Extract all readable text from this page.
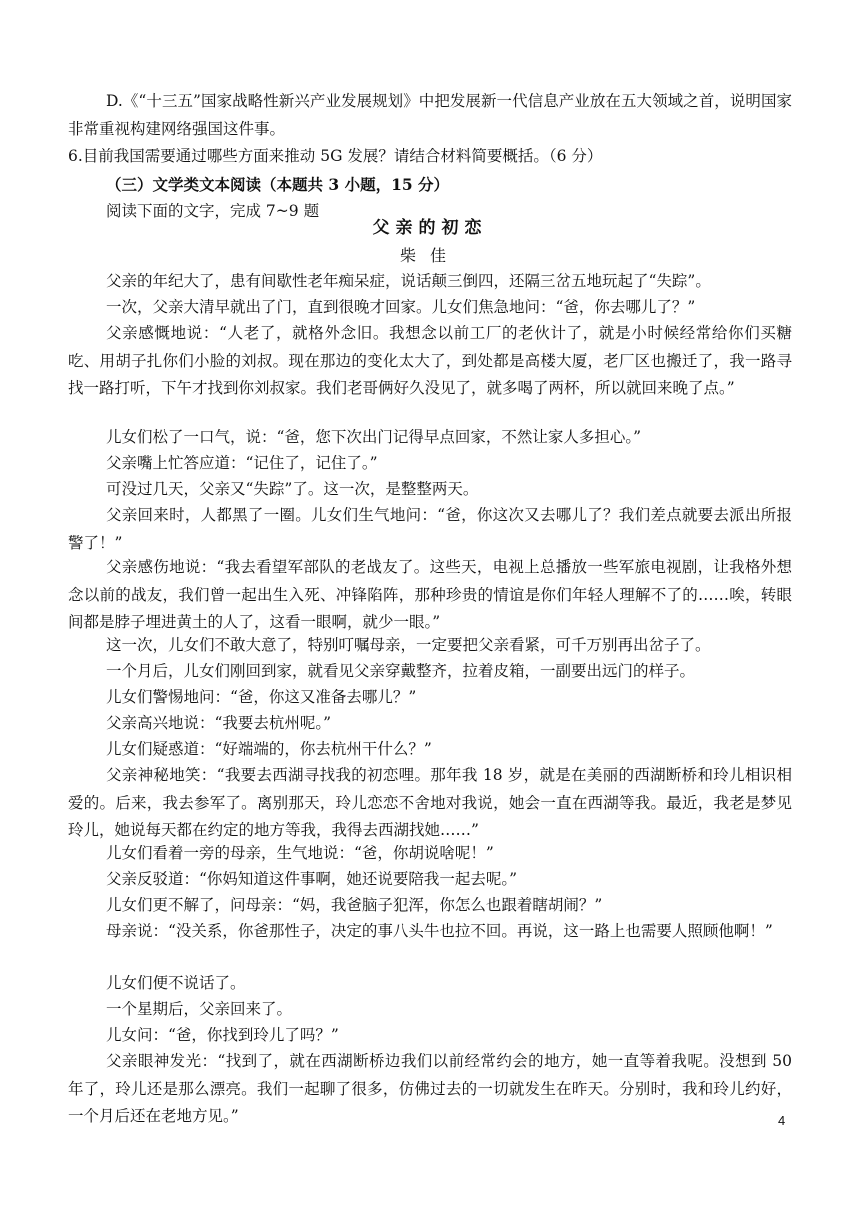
D.《“十三五”国家战略性新兴产业发展规划》中把发展新一代信息产业放在五大领域之首，说明国家非常重视构建网络强国这件事。

6.目前我国需要通过哪些方面来推动 5G 发展？请结合材料简要概括。（6 分）

（三）文学类文本阅读（本题共 3 小题，15 分）

阅读下面的文字，完成 7~9 题

父亲的初恋

柴佳

父亲的年纪大了，患有间歇性老年痴呆症，说话颠三倒四，还隔三岔五地玩起了“失踪”。

一次，父亲大清早就出了门，直到很晚才回家。儿女们焦急地问：“爸，你去哪儿了？”

父亲感慨地说：“人老了，就格外念旧。我想念以前工厂的老伙计了，就是小时候经常给你们买糖吃、用胡子扎你们小脸的刘叔。现在那边的变化太大了，到处都是高楼大厦，老厂区也搬迁了，我一路寻找一路打听，下午才找到你刘叔家。我们老哥俩好久没见了，就多喝了两杯，所以就回来晚了点。”

儿女们松了一口气，说：“爸，您下次出门记得早点回家，不然让家人多担心。”

父亲嘴上忙答应道：“记住了，记住了。”

可没过几天，父亲又“失踪”了。这一次，是整整两天。

父亲回来时，人都黑了一圈。儿女们生气地问：“爸，你这次又去哪儿了？我们差点就要去派出所报警了！”

父亲感伤地说：“我去看望军部队的老战友了。这些天，电视上总播放一些军旅电视剧，让我格外想念以前的战友，我们曾一起出生入死、冲锋陷阵，那种珍贵的情谊是你们年轻人理解不了的……唉，转眼间都是脖子埋进黄土的人了，这看一眼啊，就少一眼。”

这一次，儿女们不敢大意了，特别叮嘱母亲，一定要把父亲看紧，可千万别再出岔子了。

一个月后，儿女们刚回到家，就看见父亲穿戴整齐，拉着皮箱，一副要出远门的样子。

儿女们警惕地问：“爸，你这又准备去哪儿？”

父亲高兴地说：“我要去杭州呢。”

儿女们疑惑道：“好端端的，你去杭州干什么？”

父亲神秘地笑：“我要去西湖寻找我的初恋哩。那年我 18 岁，就是在美丽的西湖断桥和玲儿相识相爱的。后来，我去参军了。离别那天，玲儿恋恋不舍地对我说，她会一直在西湖等我。最近，我老是梦见玲儿，她说每天都在约定的地方等我，我得去西湖找她……”

儿女们看着一旁的母亲，生气地说：“爸，你胡说啥呢！”

父亲反驳道：“你妈知道这件事啊，她还说要陪我一起去呢。”

儿女们更不解了，问母亲：“妈，我爸脑子犯浑，你怎么也跟着瞎胡闹？”

母亲说：“没关系，你爸那性子，决定的事八头牛也拉不回。再说，这一路上也需要人照顾他啊！”

儿女们便不说话了。

一个星期后，父亲回来了。

儿女问：“爸，你找到玲儿了吗？”

父亲眼神发光：“找到了，就在西湖断桥边我们以前经常约会的地方，她一直等着我呢。没想到 50 年了，玲儿还是那么漂亮。我们一起聊了很多，仿佛过去的一切就发生在昨天。分别时，我和玲儿约好，一个月后还在老地方见。”	4
